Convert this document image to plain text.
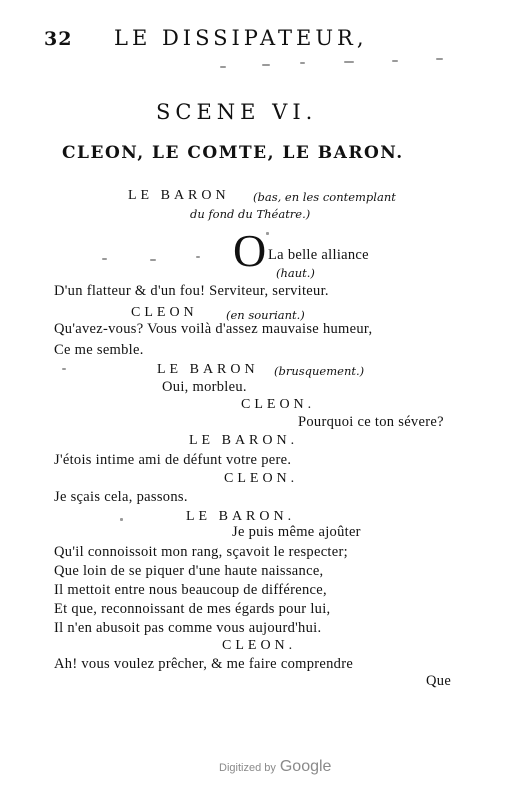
32 LE DISSIPATEUR,
SCENE VI.
CLEON, LE COMTE, LE BARON.
LE BARON (bas, en les contemplant
du fond du Théatre.)
O La belle alliance
(haut.)
D'un flatteur & d'un fou! Serviteur, serviteur.
CLEON (en souriant.)
Qu'avez-vous? Vous voilà d'assez mauvaise humeur,
Ce me semble.
LE BARON (brusquement.)
Oui, morbleu.
CLEON.
Pourquoi ce ton sévere?
LE BARON.
J'étois intime ami de défunt votre pere.
CLEON.
Je sçais cela, passons.
LE BARON.
Je puis même ajoûter
Qu'il connoissoit mon rang, sçavoit le respecter;
Que loin de se piquer d'une haute naissance,
Il mettoit entre nous beaucoup de différence,
Et que, reconnoissant de mes égards pour lui,
Il n'en abusoit pas comme vous aujourd'hui.
CLEON.
Ah! vous voulez prêcher, & me faire comprendre
Que
Digitized by Google
